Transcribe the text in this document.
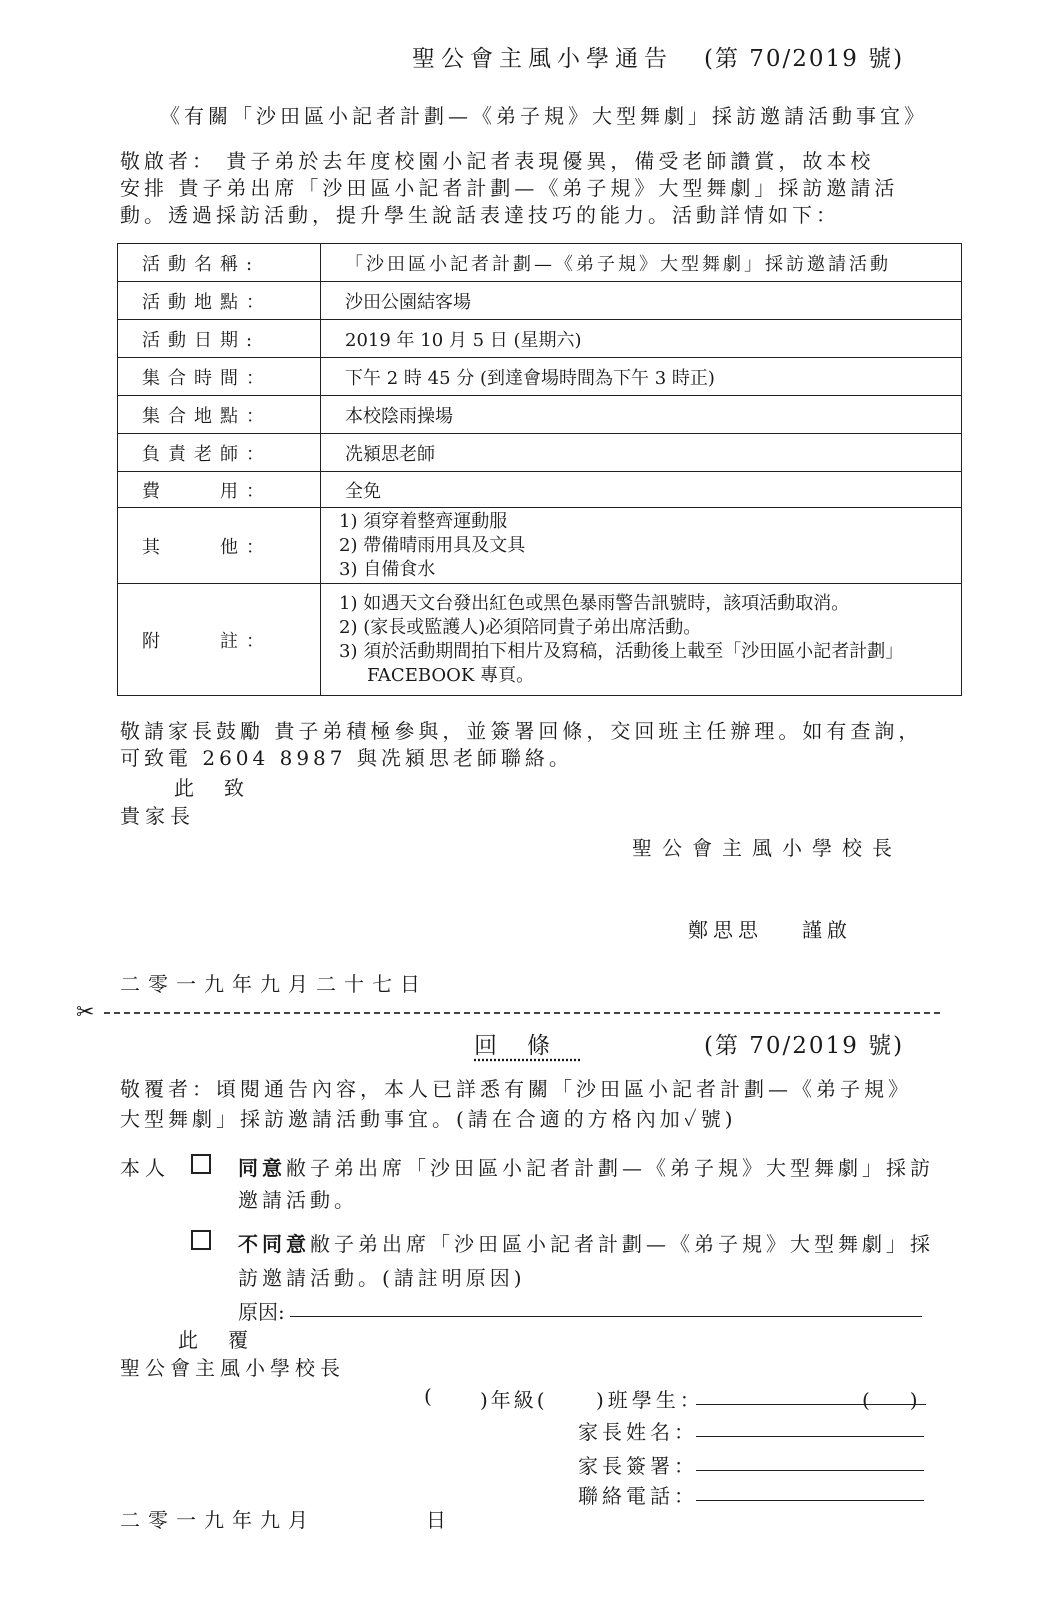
聖公會主風小學通告 (第 70/2019 號)
《有關「沙田區小記者計劃—《弟子規》大型舞劇」採訪邀請活動事宜》

敬啟者： 貴子弟於去年度校園小記者表現優異，備受老師讚賞，故本校

安排 貴子弟出席「沙田區小記者計劃—《弟子規》大型舞劇」採訪邀請活

動。透過採訪活動，提升學生說話表達技巧的能力。活動詳情如下：

活動名稱:	「沙田區小記者計劃—《弟子規》大型舞劇」採訪邀請活動
活動地點：	沙田公園結客場
活動日期:	2019 年 10 月 5 日 (星期六)
集合時間：	下午 2 時 45 分 (到達會場時間為下午 3 時正)
集合地點：	本校陰雨操場
負責老師：	冼潁思老師
費　　用：	全免
其　　他：	1) 須穿着整齊運動服
2) 帶備晴雨用具及文具
3) 自備食水

附　　註：	1) 如遇天文台發出紅色或黑色暴雨警告訊號時，該項活動取消。
2) (家長或監護人)必須陪同貴子弟出席活動。
3) 須於活動期間拍下相片及寫稿，活動後上載至「沙田區小記者計劃」
FACEBOOK 專頁。

敬請家長鼓勵 貴子弟積極參與，並簽署回條，交回班主任辦理。如有查詢，

可致電 2604 8987 與冼潁思老師聯絡。

此　致
貴家長
聖公會主風小學校長
鄭思思 謹啟
二零一九年九月二十七日
✂
回條	(第 70/2019 號)
敬覆者：頃閱通告內容，本人已詳悉有關「沙田區小記者計劃—《弟子規》
大型舞劇」採訪邀請活動事宜。(請在合適的方格內加✓號)
本人	同意敝子弟出席「沙田區小記者計劃—《弟子規》大型舞劇」採訪
邀請活動。
不同意敝子弟出席「沙田區小記者計劃—《弟子規》大型舞劇」採
訪邀請活動。(請註明原因)
原因:
此　覆
聖公會主風小學校長
( )年級( )班學生：	(　　)
家長姓名：
家長簽署：
聯絡電話：
二零一九年九月	日
